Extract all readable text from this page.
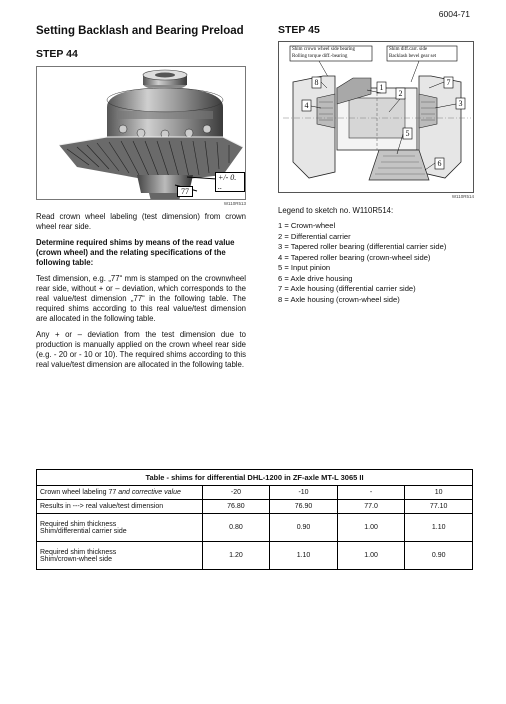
6004-71
Setting Backlash and Bearing Preload
STEP 44
+/- 0. ..
77
W110R513
Read crown wheel labeling (test dimension) from crown wheel rear side.
Determine required shims by means of the read value (crown wheel) and the relating specifications of the following table:
Test dimension, e.g. „77“ mm is stamped on the crownwheel rear side, without + or – deviation, which corresponds to the real value/test dimension „77“ in the following table. The required shims according to this real value/test dimension are allocated in the following table.
Any + or – deviation from the test dimension due to production is manually applied on the crown wheel rear side (e.g. - 20 or - 10 or 10). The required shims according to this real value/test dimension are allocated in the following table.
STEP 45
Shim crown wheel side bearing
Rolling torque diff.-bearing
Shim diff.carr. side
Backlash bevel gear set
1
2
3
4
5
6
7
8
W110R514
Legend to sketch no. W110R514:
1 = Crown-wheel
2 = Differential carrier
3 = Tapered roller bearing (differential carrier side)
4 = Tapered roller bearing (crown-wheel side)
5 = Input pinion
6 = Axle drive housing
7 = Axle housing (differential carrier side)
8 = Axle housing (crown-wheel side)
Table - shims for differential DHL-1200 in ZF-axle MT-L 3065 II				
Crown wheel labeling 77 and corrective value	-20	-10	-	10
Results in ---> real value/test dimension	76.80	76.90	77.0	77.10

Required shim thickness
Shim/differential carrier side	0.80	0.90	1.00	1.10

Required shim thickness
Shim/crown-wheel side	1.20	1.10	1.00	0.90
